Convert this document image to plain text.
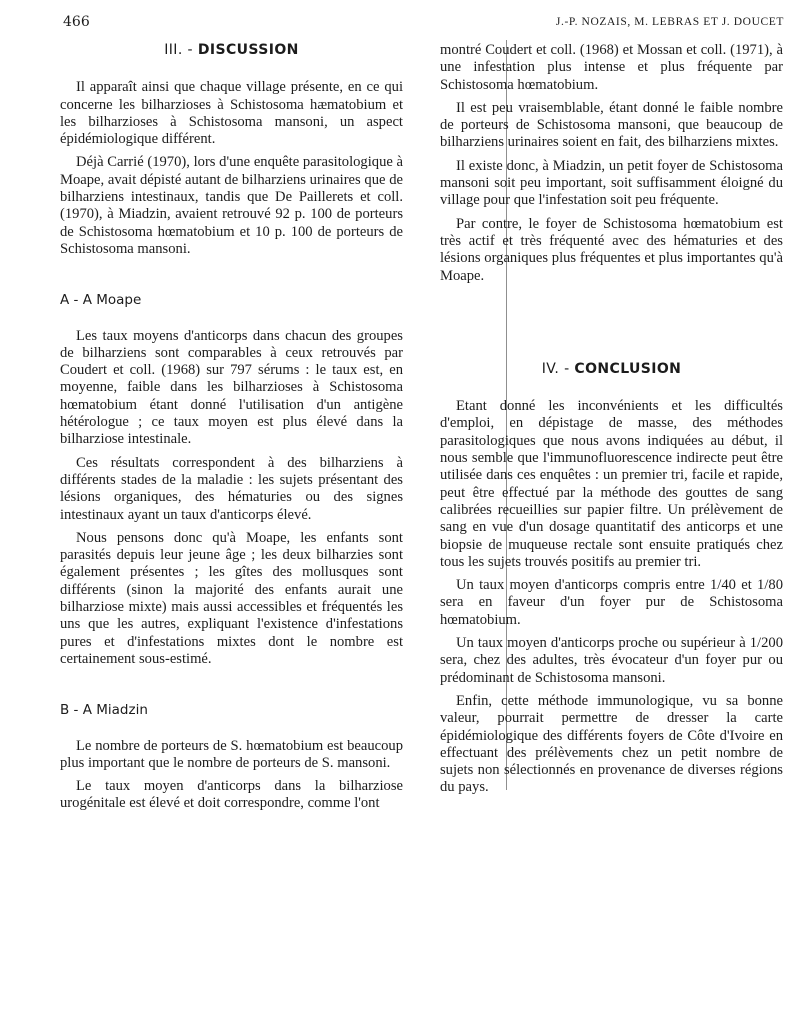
466	J.-P. NOZAIS, M. LEBRAS ET J. DOUCET
III. - DISCUSSION

Il apparaît ainsi que chaque village présente, en ce qui concerne les bilharzioses à Schistosoma hæmatobium et les bilharzioses à Schistosoma mansoni, un aspect épidémiologique différent.

Déjà Carrié (1970), lors d'une enquête parasitologique à Moape, avait dépisté autant de bilharziens urinaires que de bilharziens intestinaux, tandis que De Paillerets et coll. (1970), à Miadzin, avaient retrouvé 92 p. 100 de porteurs de Schistosoma hœmatobium et 10 p. 100 de porteurs de Schistosoma mansoni.

A - A Moape

Les taux moyens d'anticorps dans chacun des groupes de bilharziens sont comparables à ceux retrouvés par Coudert et coll. (1968) sur 797 sérums : le taux est, en moyenne, faible dans les bilharzioses à Schistosoma hœmatobium étant donné l'utilisation d'un antigène hétérologue ; ce taux moyen est plus élevé dans la bilharziose intestinale.

Ces résultats correspondent à des bilharziens à différents stades de la maladie : les sujets présentant des lésions organiques, des hématuries ou des signes intestinaux ayant un taux d'anticorps élevé.

Nous pensons donc qu'à Moape, les enfants sont parasités depuis leur jeune âge ; les deux bilharzies sont également présentes ; les gîtes des mollusques sont différents (sinon la majorité des enfants aurait une bilharziose mixte) mais aussi accessibles et fréquentés les uns que les autres, expliquant l'existence d'infestations pures et d'infestations mixtes dont le nombre est certainement sous-estimé.

B - A Miadzin

Le nombre de porteurs de S. hœmatobium est beaucoup plus important que le nombre de porteurs de S. mansoni.

Le taux moyen d'anticorps dans la bilharziose urogénitale est élevé et doit correspondre, comme l'ont

montré Coudert et coll. (1968) et Mossan et coll. (1971), à une infestation plus intense et plus fréquente par Schistosoma hœmatobium.

Il est peu vraisemblable, étant donné le faible nombre de porteurs de Schistosoma mansoni, que beaucoup de bilharziens urinaires soient en fait, des bilharziens mixtes.

Il existe donc, à Miadzin, un petit foyer de Schistosoma mansoni soit peu important, soit suffisamment éloigné du village pour que l'infestation soit peu fréquente.

Par contre, le foyer de Schistosoma hœmatobium est très actif et très fréquenté avec des hématuries et des lésions organiques plus fréquentes et plus importantes qu'à Moape.

IV. - CONCLUSION

Etant donné les inconvénients et les difficultés d'emploi, en dépistage de masse, des méthodes parasitologiques que nous avons indiquées au début, il nous semble que l'immunofluorescence indirecte peut être utilisée dans ces enquêtes : un premier tri, facile et rapide, peut être effectué par la méthode des gouttes de sang calibrées recueillies sur papier filtre. Un prélèvement de sang en vue d'un dosage quantitatif des anticorps et une biopsie de muqueuse rectale sont ensuite pratiqués chez tous les sujets trouvés positifs au premier tri.

Un taux moyen d'anticorps compris entre 1/40 et 1/80 sera en faveur d'un foyer pur de Schistosoma hœmatobium.

Un taux moyen d'anticorps proche ou supérieur à 1/200 sera, chez des adultes, très évocateur d'un foyer pur ou prédominant de Schistosoma mansoni.

Enfin, cette méthode immunologique, vu sa bonne valeur, pourrait permettre de dresser la carte épidémiologique des différents foyers de Côte d'Ivoire en effectuant des prélèvements chez un petit nombre de sujets non sélectionnés en provenance de diverses régions du pays.
